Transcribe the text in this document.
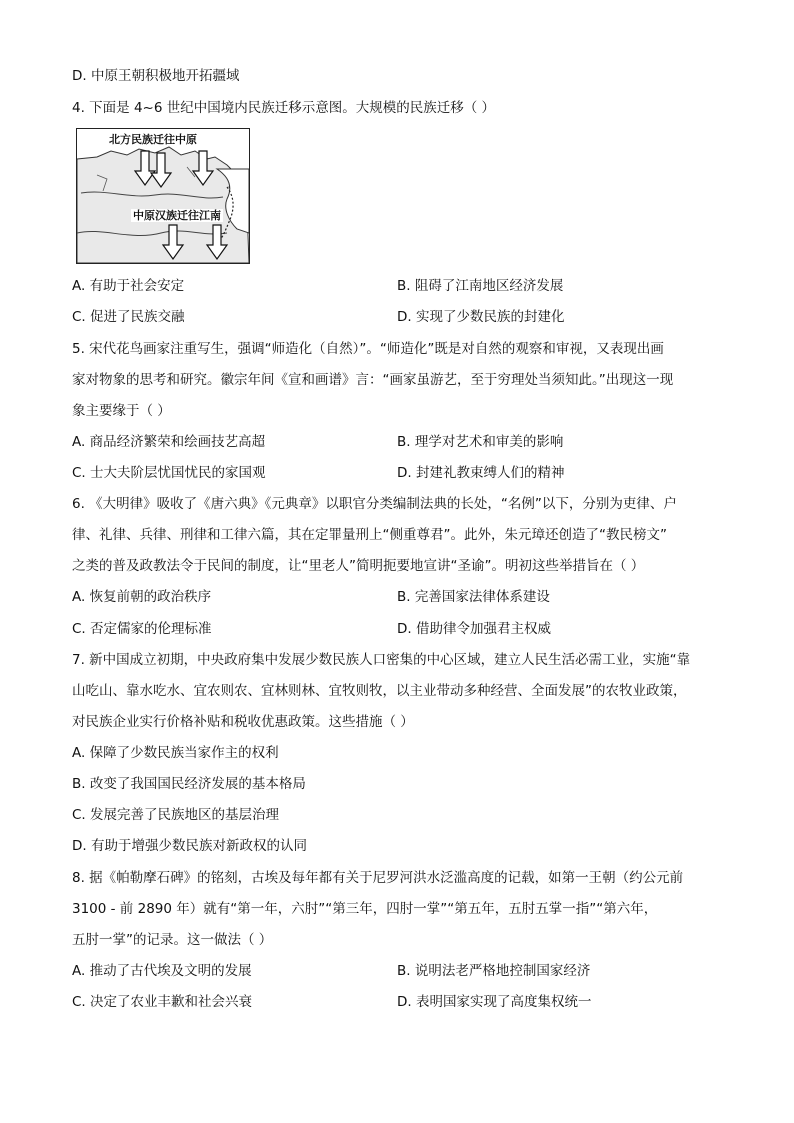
D. 中原王朝积极地开拓疆域
4. 下面是 4~6 世纪中国境内民族迁移示意图。大规模的民族迁移（ ）
北方民族迁往中原
中原汉族迁往江南
A. 有助于社会安定	B. 阻碍了江南地区经济发展
C. 促进了民族交融	D. 实现了少数民族的封建化
5. 宋代花鸟画家注重写生，强调“师造化（自然）”。“师造化”既是对自然的观察和审视，又表现出画
家对物象的思考和研究。徽宗年间《宣和画谱》言：“画家虽游艺，至于穷理处当须知此。”出现这一现
象主要缘于（ ）
A. 商品经济繁荣和绘画技艺高超	B. 理学对艺术和审美的影响
C. 士大夫阶层忧国忧民的家国观	D. 封建礼教束缚人们的精神
6. 《大明律》吸收了《唐六典》《元典章》以职官分类编制法典的长处，“名例”以下，分别为吏律、户
律、礼律、兵律、刑律和工律六篇，其在定罪量刑上“侧重尊君”。此外，朱元璋还创造了“教民榜文”
之类的普及政教法令于民间的制度，让“里老人”简明扼要地宣讲“圣谕”。明初这些举措旨在（ ）
A. 恢复前朝的政治秩序	B. 完善国家法律体系建设
C. 否定儒家的伦理标准	D. 借助律令加强君主权威
7. 新中国成立初期，中央政府集中发展少数民族人口密集的中心区域，建立人民生活必需工业，实施“靠
山吃山、靠水吃水、宜农则农、宜林则林、宜牧则牧，以主业带动多种经营、全面发展”的农牧业政策，
对民族企业实行价格补贴和税收优惠政策。这些措施（ ）
A. 保障了少数民族当家作主的权利
B. 改变了我国国民经济发展的基本格局
C. 发展完善了民族地区的基层治理
D. 有助于增强少数民族对新政权的认同
8. 据《帕勒摩石碑》的铭刻，古埃及每年都有关于尼罗河洪水泛滥高度的记载，如第一王朝（约公元前
3100 - 前 2890 年）就有“第一年，六肘”“第三年，四肘一掌”“第五年，五肘五掌一指”“第六年，
五肘一掌”的记录。这一做法（ ）
A. 推动了古代埃及文明的发展	B. 说明法老严格地控制国家经济
C. 决定了农业丰歉和社会兴衰	D. 表明国家实现了高度集权统一
